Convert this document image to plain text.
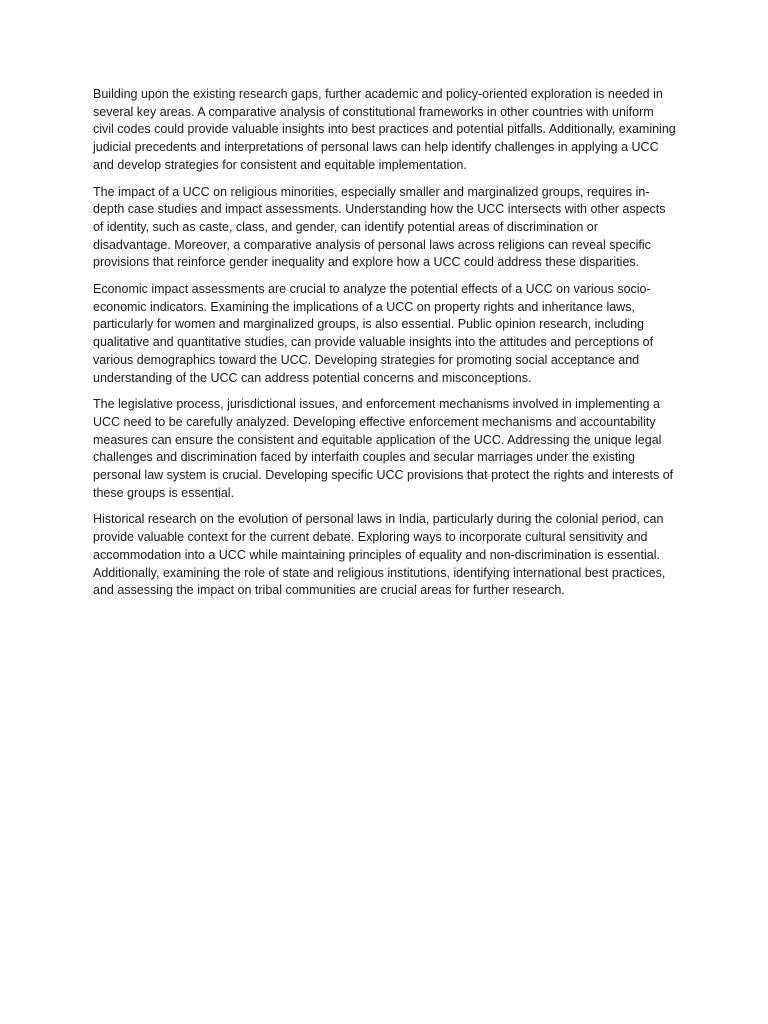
Building upon the existing research gaps, further academic and policy-oriented exploration is needed in several key areas. A comparative analysis of constitutional frameworks in other countries with uniform civil codes could provide valuable insights into best practices and potential pitfalls. Additionally, examining judicial precedents and interpretations of personal laws can help identify challenges in applying a UCC and develop strategies for consistent and equitable implementation.

The impact of a UCC on religious minorities, especially smaller and marginalized groups, requires in-depth case studies and impact assessments. Understanding how the UCC intersects with other aspects of identity, such as caste, class, and gender, can identify potential areas of discrimination or disadvantage. Moreover, a comparative analysis of personal laws across religions can reveal specific provisions that reinforce gender inequality and explore how a UCC could address these disparities.

Economic impact assessments are crucial to analyze the potential effects of a UCC on various socio-economic indicators. Examining the implications of a UCC on property rights and inheritance laws, particularly for women and marginalized groups, is also essential. Public opinion research, including qualitative and quantitative studies, can provide valuable insights into the attitudes and perceptions of various demographics toward the UCC. Developing strategies for promoting social acceptance and understanding of the UCC can address potential concerns and misconceptions.

The legislative process, jurisdictional issues, and enforcement mechanisms involved in implementing a UCC need to be carefully analyzed. Developing effective enforcement mechanisms and accountability measures can ensure the consistent and equitable application of the UCC. Addressing the unique legal challenges and discrimination faced by interfaith couples and secular marriages under the existing personal law system is crucial. Developing specific UCC provisions that protect the rights and interests of these groups is essential.

Historical research on the evolution of personal laws in India, particularly during the colonial period, can provide valuable context for the current debate. Exploring ways to incorporate cultural sensitivity and accommodation into a UCC while maintaining principles of equality and non-discrimination is essential. Additionally, examining the role of state and religious institutions, identifying international best practices, and assessing the impact on tribal communities are crucial areas for further research.
